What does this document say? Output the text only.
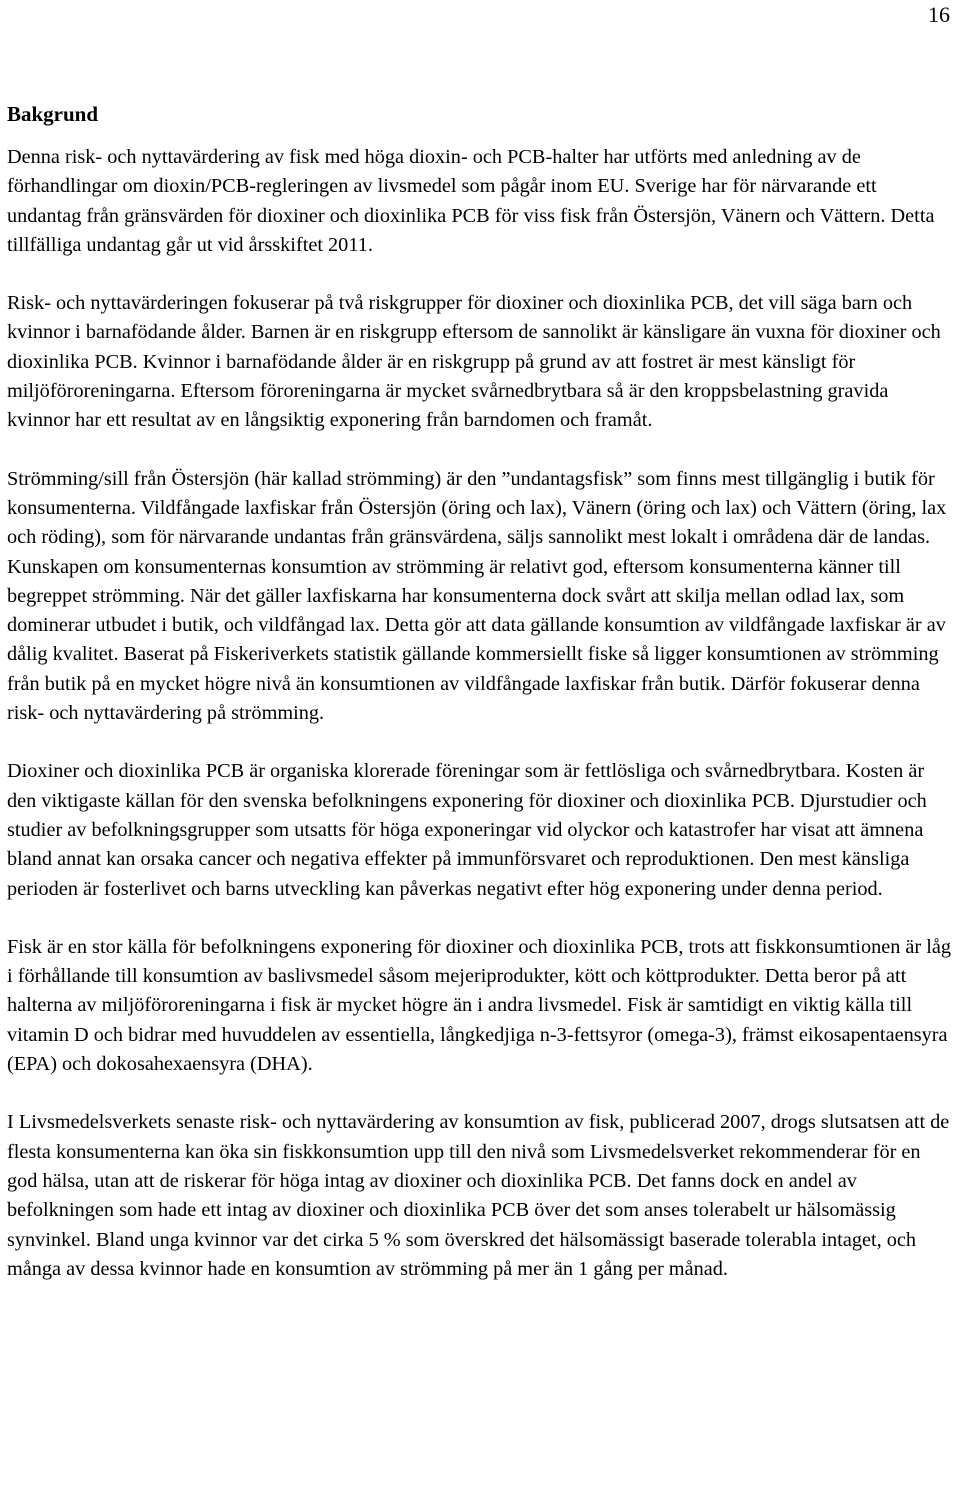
16
Bakgrund

Denna risk- och nyttavärdering av fisk med höga dioxin- och PCB-halter har utförts med anledning av de förhandlingar om dioxin/PCB-regleringen av livsmedel som pågår inom EU. Sverige har för närvarande ett undantag från gränsvärden för dioxiner och dioxinlika PCB för viss fisk från Östersjön, Vänern och Vättern. Detta tillfälliga undantag går ut vid årsskiftet 2011.

Risk- och nyttavärderingen fokuserar på två riskgrupper för dioxiner och dioxinlika PCB, det vill säga barn och kvinnor i barnafödande ålder. Barnen är en riskgrupp eftersom de sannolikt är känsligare än vuxna för dioxiner och dioxinlika PCB. Kvinnor i barnafödande ålder är en riskgrupp på grund av att fostret är mest känsligt för miljöföroreningarna. Eftersom föroreningarna är mycket svårnedbrytbara så är den kroppsbelastning gravida kvinnor har ett resultat av en långsiktig exponering från barndomen och framåt.

Strömming/sill från Östersjön (här kallad strömming) är den ”undantagsfisk” som finns mest tillgänglig i butik för konsumenterna. Vildfångade laxfiskar från Östersjön (öring och lax), Vänern (öring och lax) och Vättern (öring, lax och röding), som för närvarande undantas från gränsvärdena, säljs sannolikt mest lokalt i områdena där de landas. Kunskapen om konsumenternas konsumtion av strömming är relativt god, eftersom konsumenterna känner till begreppet strömming. När det gäller laxfiskarna har konsumenterna dock svårt att skilja mellan odlad lax, som dominerar utbudet i butik, och vildfångad lax. Detta gör att data gällande konsumtion av vildfångade laxfiskar är av dålig kvalitet. Baserat på Fiskeriverkets statistik gällande kommersiellt fiske så ligger konsumtionen av strömming från butik på en mycket högre nivå än konsumtionen av vildfångade laxfiskar från butik. Därför fokuserar denna risk- och nyttavärdering på strömming.

Dioxiner och dioxinlika PCB är organiska klorerade föreningar som är fettlösliga och svårnedbrytbara. Kosten är den viktigaste källan för den svenska befolkningens exponering för dioxiner och dioxinlika PCB. Djurstudier och studier av befolkningsgrupper som utsatts för höga exponeringar vid olyckor och katastrofer har visat att ämnena bland annat kan orsaka cancer och negativa effekter på immunförsvaret och reproduktionen. Den mest känsliga perioden är fosterlivet och barns utveckling kan påverkas negativt efter hög exponering under denna period.

Fisk är en stor källa för befolkningens exponering för dioxiner och dioxinlika PCB, trots att fiskkonsumtionen är låg i förhållande till konsumtion av baslivsmedel såsom mejeriprodukter, kött och köttprodukter. Detta beror på att halterna av miljöföroreningarna i fisk är mycket högre än i andra livsmedel. Fisk är samtidigt en viktig källa till vitamin D och bidrar med huvuddelen av essentiella, långkedjiga n-3-fettsyror (omega-3), främst eikosapentaensyra (EPA) och dokosahexaensyra (DHA).

I Livsmedelsverkets senaste risk- och nyttavärdering av konsumtion av fisk, publicerad 2007, drogs slutsatsen att de flesta konsumenterna kan öka sin fiskkonsumtion upp till den nivå som Livsmedelsverket rekommenderar för en god hälsa, utan att de riskerar för höga intag av dioxiner och dioxinlika PCB. Det fanns dock en andel av befolkningen som hade ett intag av dioxiner och dioxinlika PCB över det som anses tolerabelt ur hälsomässig synvinkel. Bland unga kvinnor var det cirka 5 % som överskred det hälsomässigt baserade tolerabla intaget, och många av dessa kvinnor hade en konsumtion av strömming på mer än 1 gång per månad.
